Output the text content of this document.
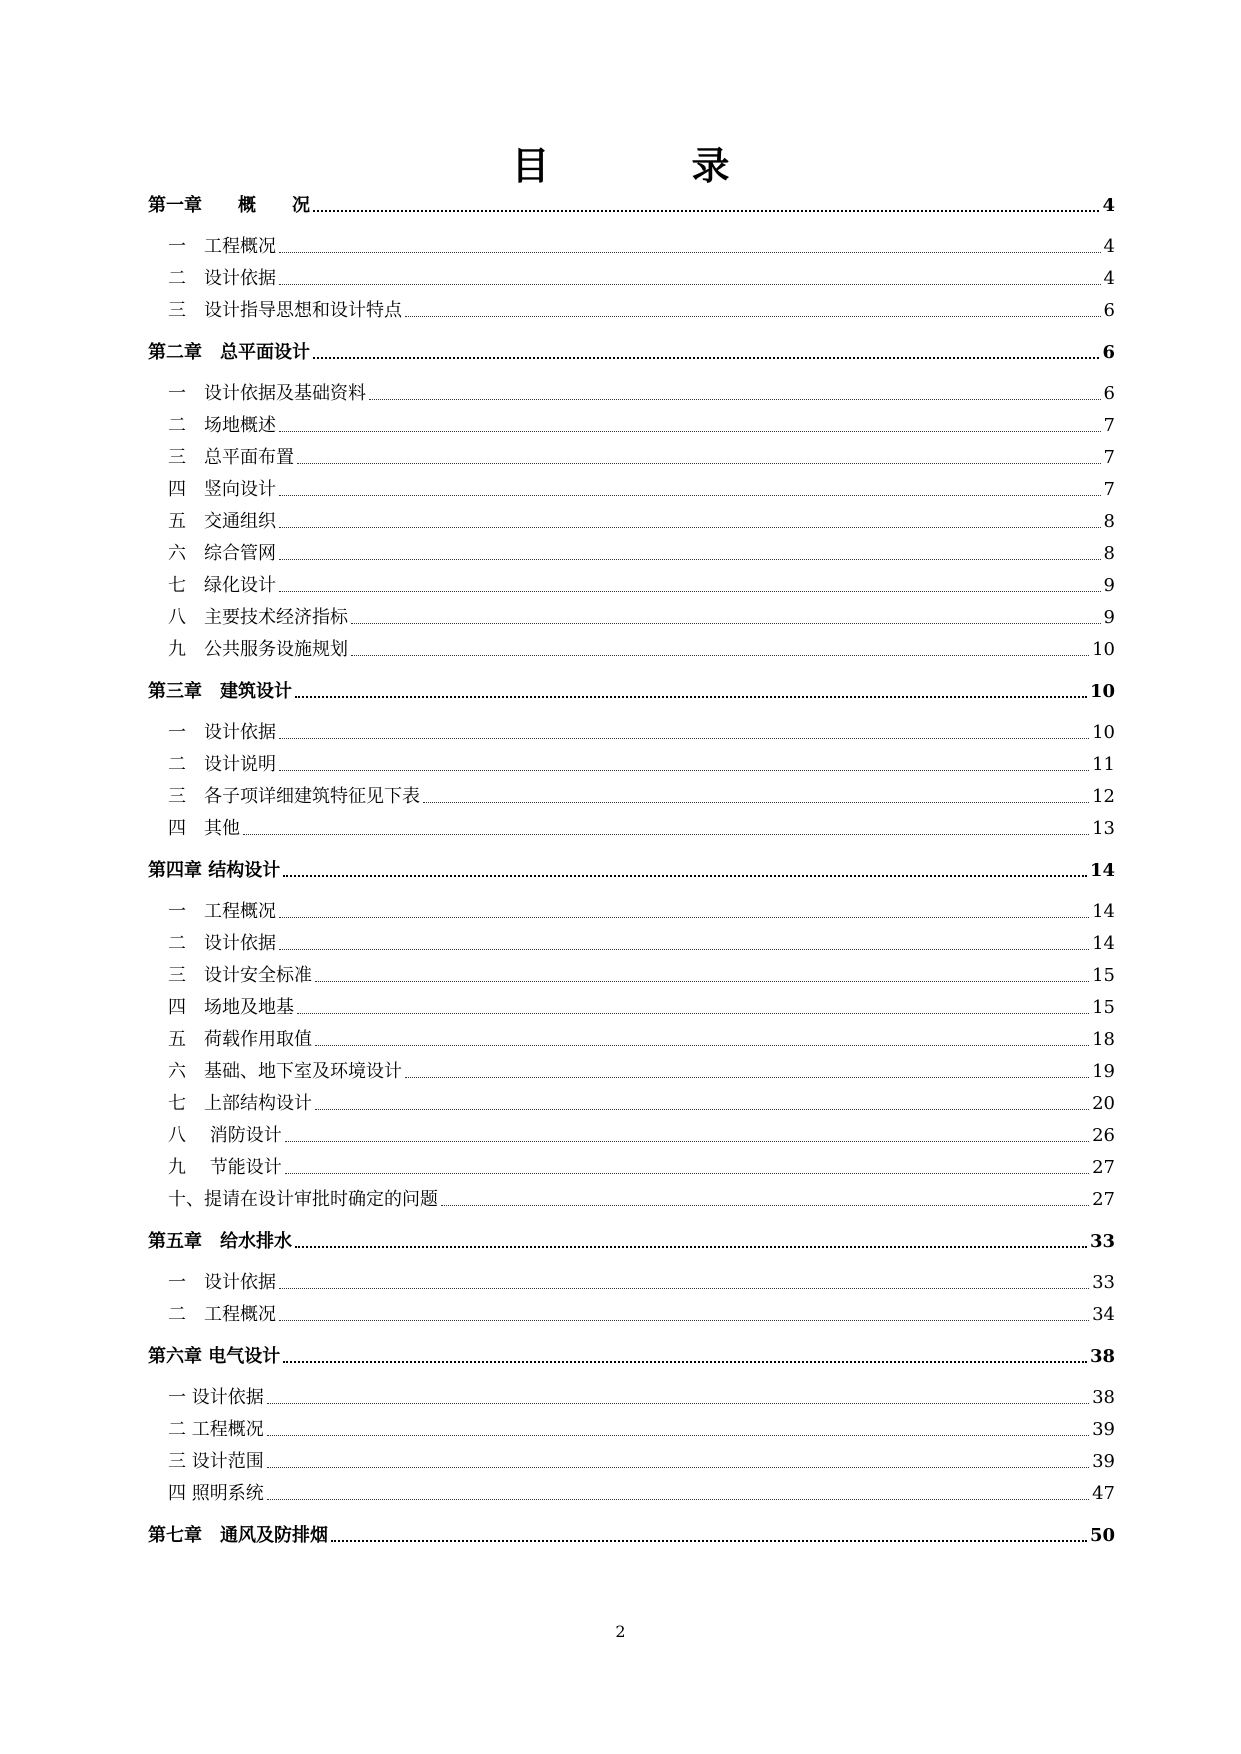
目　录
第一章　　概　　况	4
一　工程概况	4
二　设计依据	4
三　设计指导思想和设计特点	6
第二章　总平面设计	6
一　设计依据及基础资料	6
二　场地概述	7
三　总平面布置	7
四　竖向设计	7
五　交通组织	8
六　综合管网	8
七　绿化设计	9
八　主要技术经济指标	9
九　公共服务设施规划	10
第三章　建筑设计	10
一　设计依据	10
二　设计说明	11
三　各子项详细建筑特征见下表	12
四　其他	13
第四章 结构设计	14
一　工程概况	14
二　设计依据	14
三　设计安全标准	15
四　场地及地基	15
五　荷载作用取值	18
六　基础、地下室及环境设计	19
七　上部结构设计	20
八　 消防设计	26
九　 节能设计	27
十、提请在设计审批时确定的问题	27
第五章　给水排水	33
一　设计依据	33
二　工程概况	34
第六章 电气设计	38
一 设计依据	38
二 工程概况	39
三 设计范围	39
四 照明系统	47
第七章　通风及防排烟	50
2
